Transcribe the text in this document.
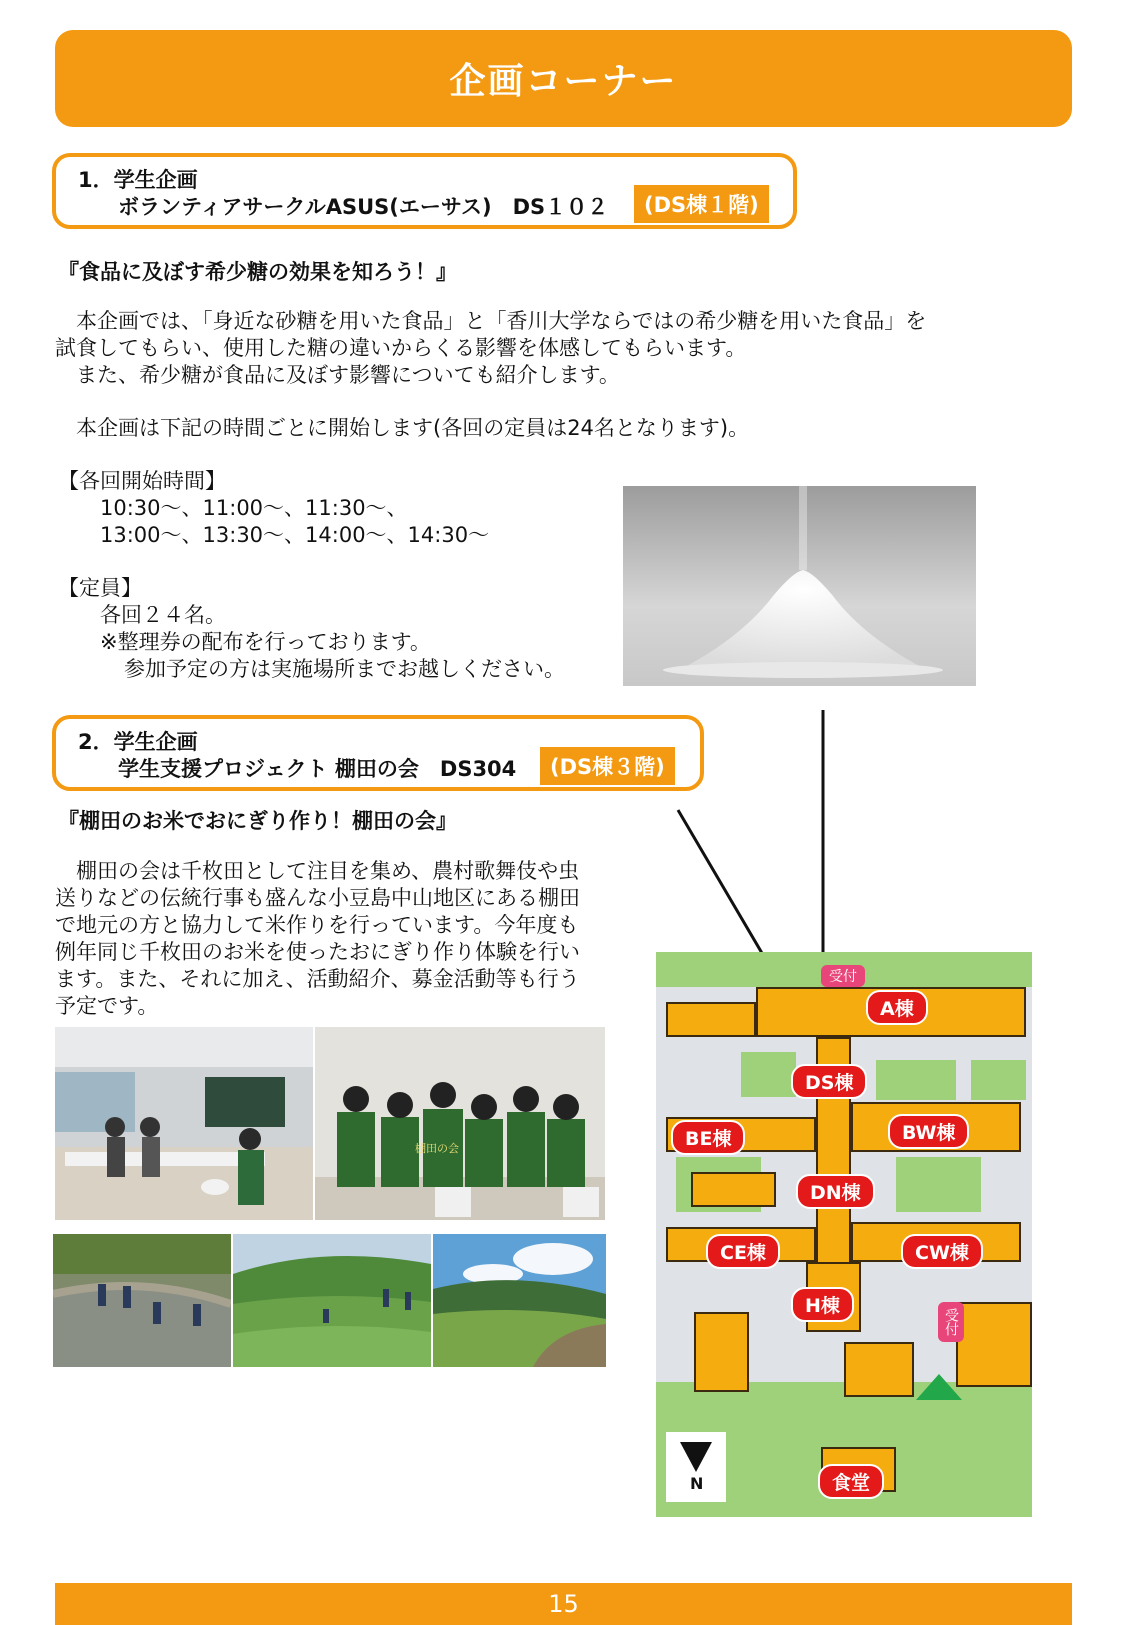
企画コーナー
1．学生企画
ボランティアサークルASUS(エーサス)　DS１０２	(DS棟１階)
『食品に及ぼす希少糖の効果を知ろう！』
　本企画では、「身近な砂糖を用いた食品」と「香川大学ならではの希少糖を用いた食品」を
試食してもらい、使用した糖の違いからくる影響を体感してもらいます。
　また、希少糖が食品に及ぼす影響についても紹介します。
　本企画は下記の時間ごとに開始します(各回の定員は24名となります)。
【各回開始時間】
10:30～、11:00～、11:30～、
13:00～、13:30～、14:00～、14:30～
【定員】
各回２４名。
※整理券の配布を行っております。
参加予定の方は実施場所までお越しください。
2．学生企画
学生支援プロジェクト 棚田の会　DS304	(DS棟３階)
『棚田のお米でおにぎり作り！棚田の会』
　棚田の会は千枚田として注目を集め、農村歌舞伎や虫
送りなどの伝統行事も盛んな小豆島中山地区にある棚田
で地元の方と協力して米作りを行っています。今年度も
例年同じ千枚田のお米を使ったおにぎり作り体験を行い
ます。また、それに加え、活動紹介、募金活動等も行う
予定です。
棚田の会
受付
受付
A棟
DS棟
BE棟	BW棟
DN棟
CE棟	CW棟
H棟
食堂
N
15
